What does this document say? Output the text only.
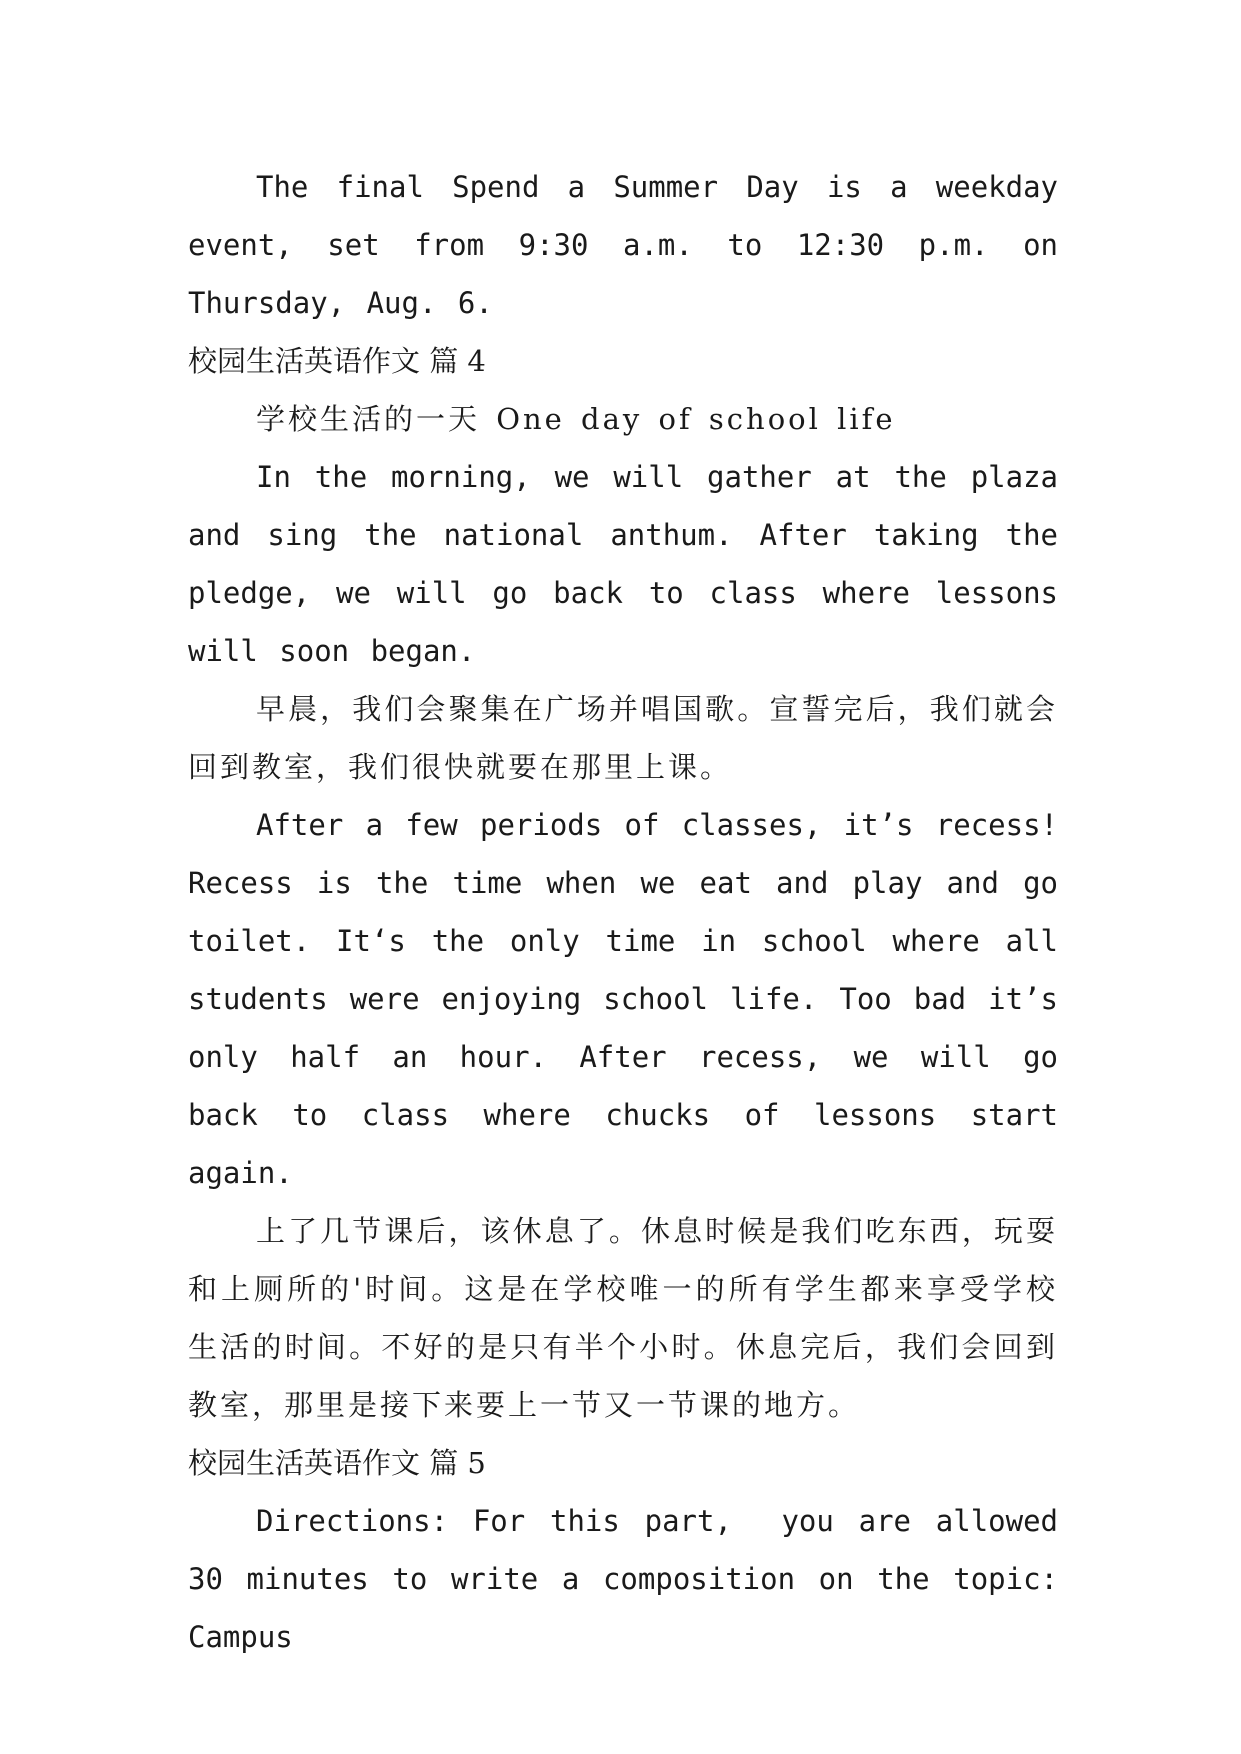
The final Spend a Summer Day is a weekday event, set from 9:30 a.m. to 12:30 p.m. on Thursday, Aug. 6.

校园生活英语作文 篇 4

学校生活的一天 One day of school life

In the morning, we will gather at the plaza and sing the national anthum. After taking the pledge, we will go back to class where lessons will soon began.

早晨，我们会聚集在广场并唱国歌。宣誓完后，我们就会回到教室，我们很快就要在那里上课。

After a few periods of classes, it’s recess! Recess is the time when we eat and play and go toilet. It‘s the only time in school where all students were enjoying school life. Too bad it’s only half an hour. After recess, we will go back to class where chucks of lessons start again.

上了几节课后，该休息了。休息时候是我们吃东西，玩耍和上厕所的'时间。这是在学校唯一的所有学生都来享受学校生活的时间。不好的是只有半个小时。休息完后，我们会回到教室，那里是接下来要上一节又一节课的地方。

校园生活英语作文 篇 5

Directions: For this part,  you are allowed 30 minutes to write a composition on the topic: Campus
